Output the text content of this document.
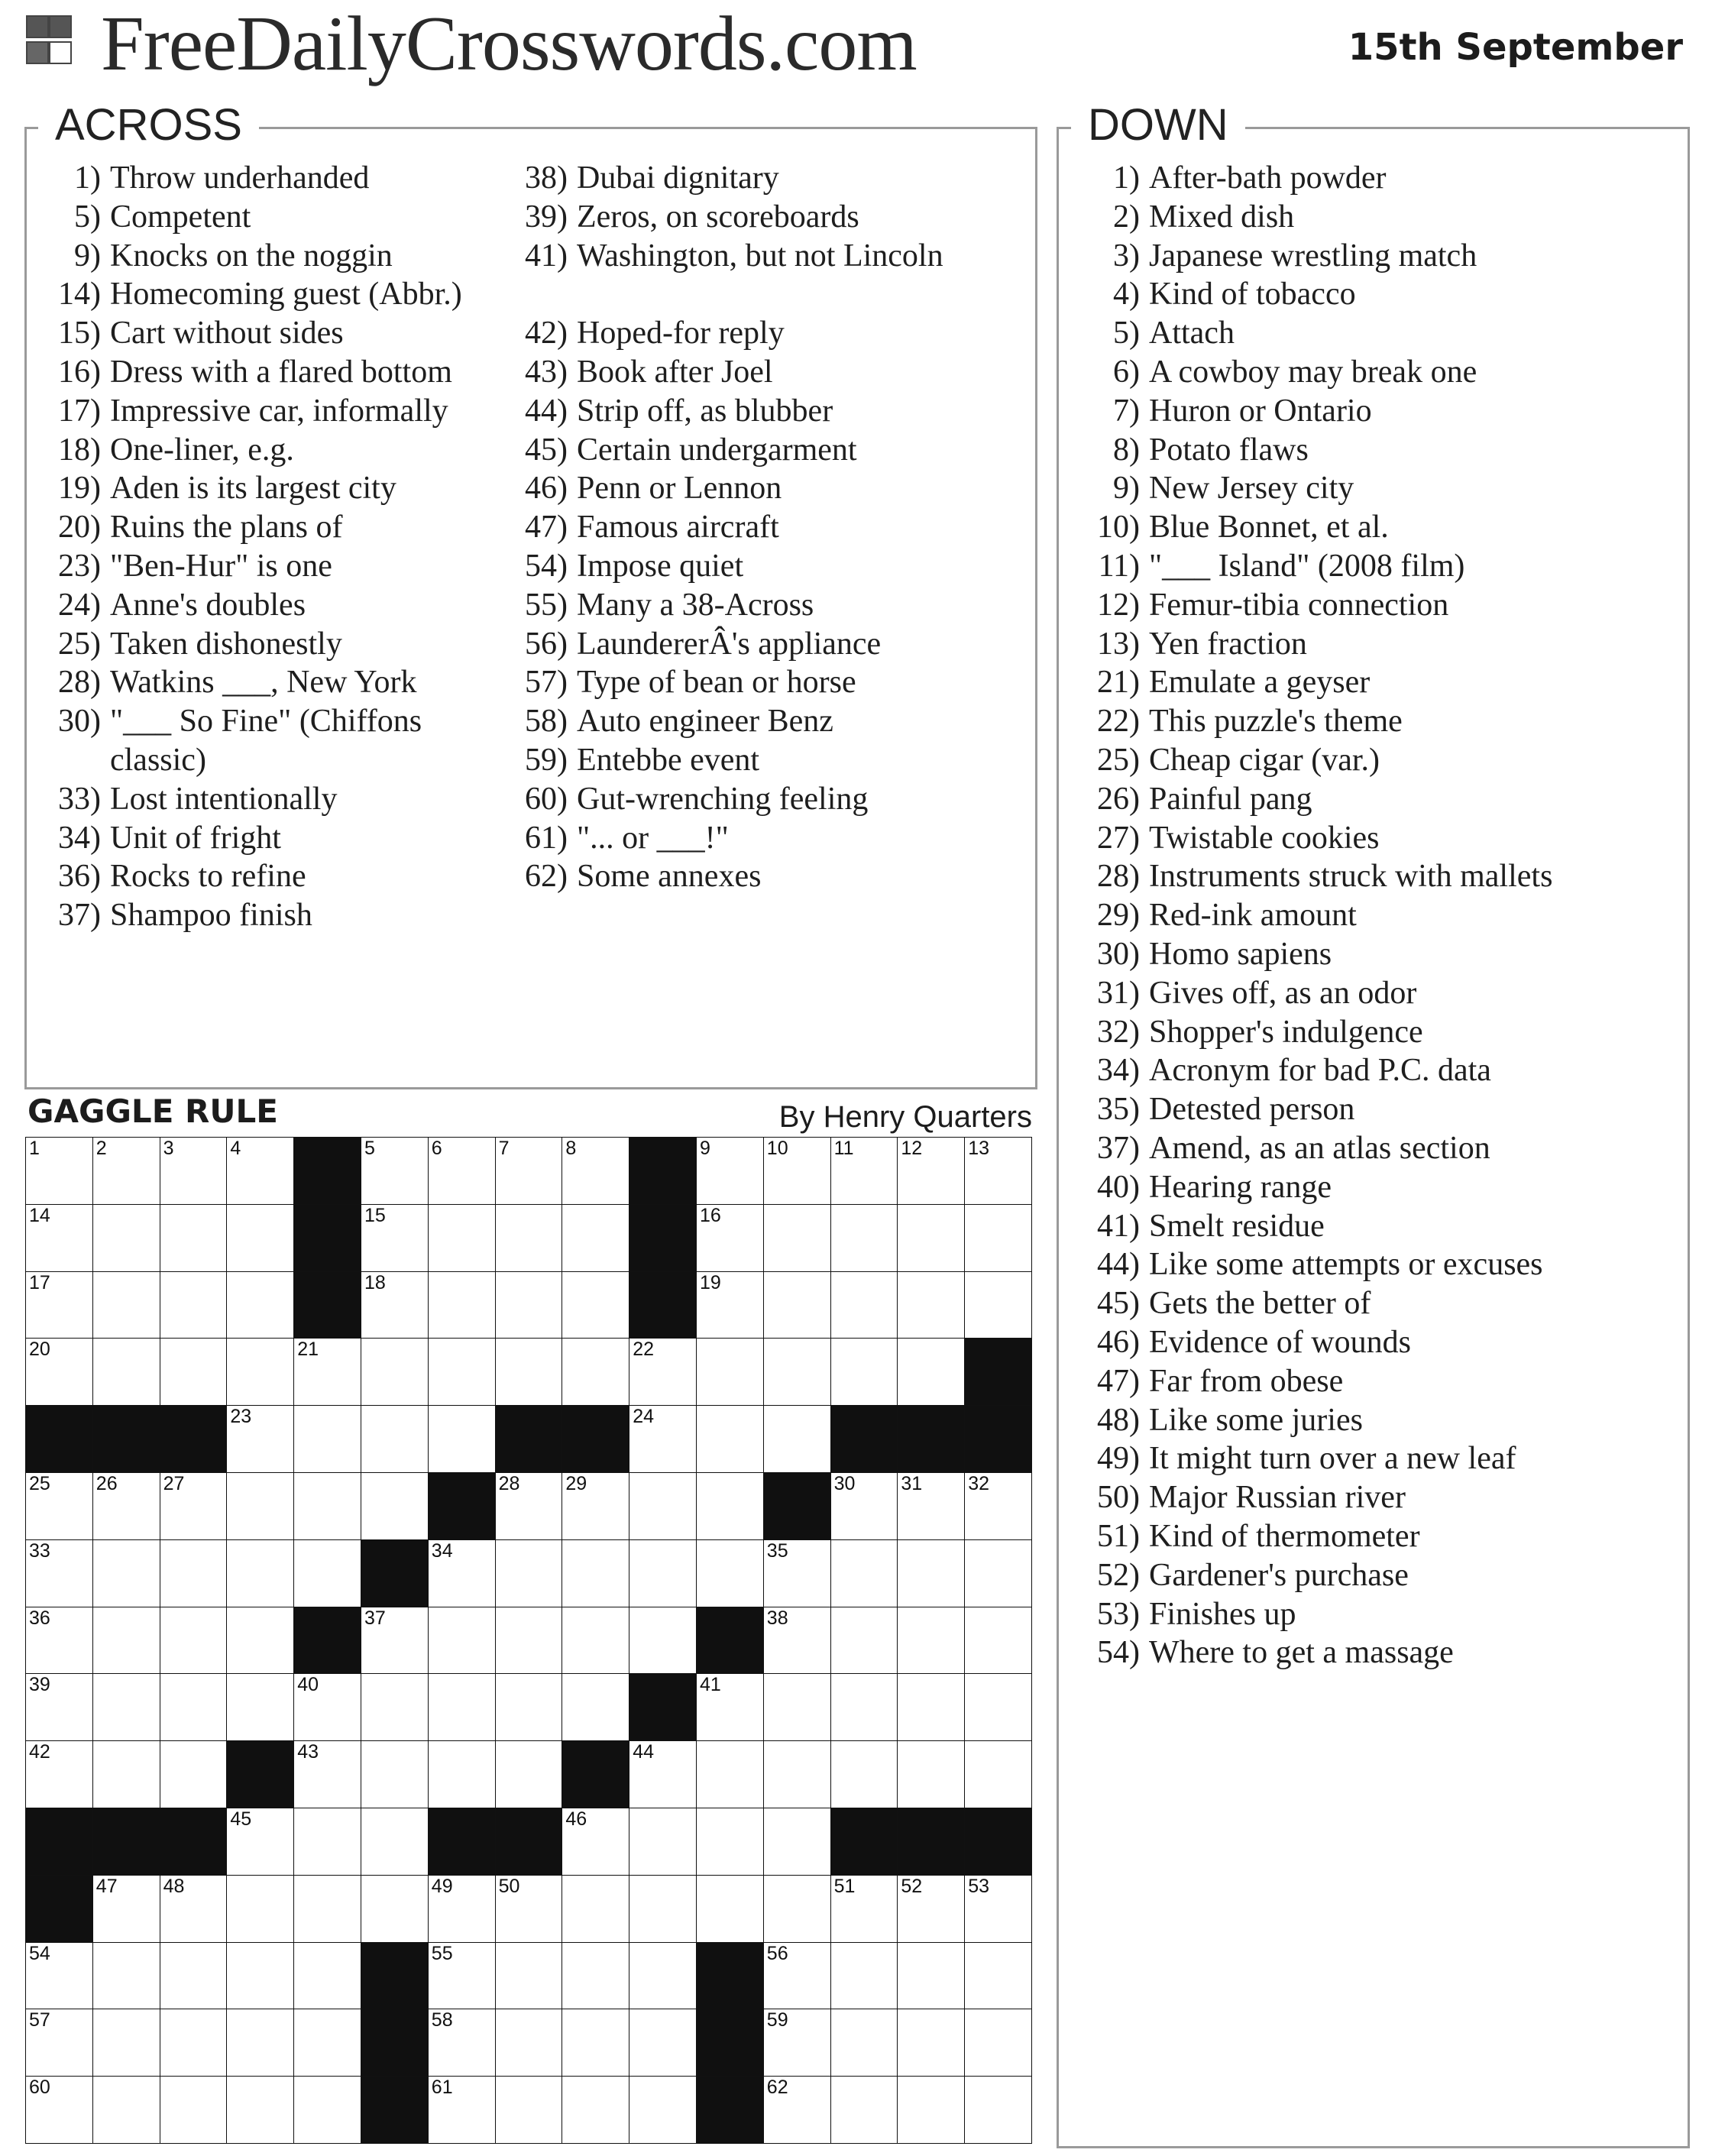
FreeDailyCrosswords.com	15th September
ACROSS
1) Throw underhanded
5) Competent
9) Knocks on the noggin
14) Homecoming guest (Abbr.)
15) Cart without sides
16) Dress with a flared bottom
17) Impressive car, informally
18) One-liner, e.g.
19) Aden is its largest city
20) Ruins the plans of
23) "Ben-Hur" is one
24) Anne's doubles
25) Taken dishonestly
28) Watkins ___, New York
30) "___ So Fine" (Chiffons classic)
33) Lost intentionally
34) Unit of fright
36) Rocks to refine
37) Shampoo finish
38) Dubai dignitary
39) Zeros, on scoreboards
41) Washington, but not Lincoln
42) Hoped-for reply
43) Book after Joel
44) Strip off, as blubber
45) Certain undergarment
46) Penn or Lennon
47) Famous aircraft
54) Impose quiet
55) Many a 38-Across
56) LaundererÂ's appliance
57) Type of bean or horse
58) Auto engineer Benz
59) Entebbe event
60) Gut-wrenching feeling
61) "... or ___!"
62) Some annexes
DOWN
1) After-bath powder
2) Mixed dish
3) Japanese wrestling match
4) Kind of tobacco
5) Attach
6) A cowboy may break one
7) Huron or Ontario
8) Potato flaws
9) New Jersey city
10) Blue Bonnet, et al.
11) "___ Island" (2008 film)
12) Femur-tibia connection
13) Yen fraction
21) Emulate a geyser
22) This puzzle's theme
25) Cheap cigar (var.)
26) Painful pang
27) Twistable cookies
28) Instruments struck with mallets
29) Red-ink amount
30) Homo sapiens
31) Gives off, as an odor
32) Shopper's indulgence
34) Acronym for bad P.C. data
35) Detested person
37) Amend, as an atlas section
40) Hearing range
41) Smelt residue
44) Like some attempts or excuses
45) Gets the better of
46) Evidence of wounds
47) Far from obese
48) Like some juries
49) It might turn over a new leaf
50) Major Russian river
51) Kind of thermometer
52) Gardener's purchase
53) Finishes up
54) Where to get a massage
GAGGLE RULE	By Henry Quarters
1	2	3	4	5	6	7	8	9	10 11 12 13
14	15	16
17	18	19
20	21	22
23	24
25 26 27	28 29	30 31 32
33	34	35
36	37	38
39	40	41
42	43	44
45	46
47 48	49 50	51 52 53
54	55	56
57	58	59
60	61	62
